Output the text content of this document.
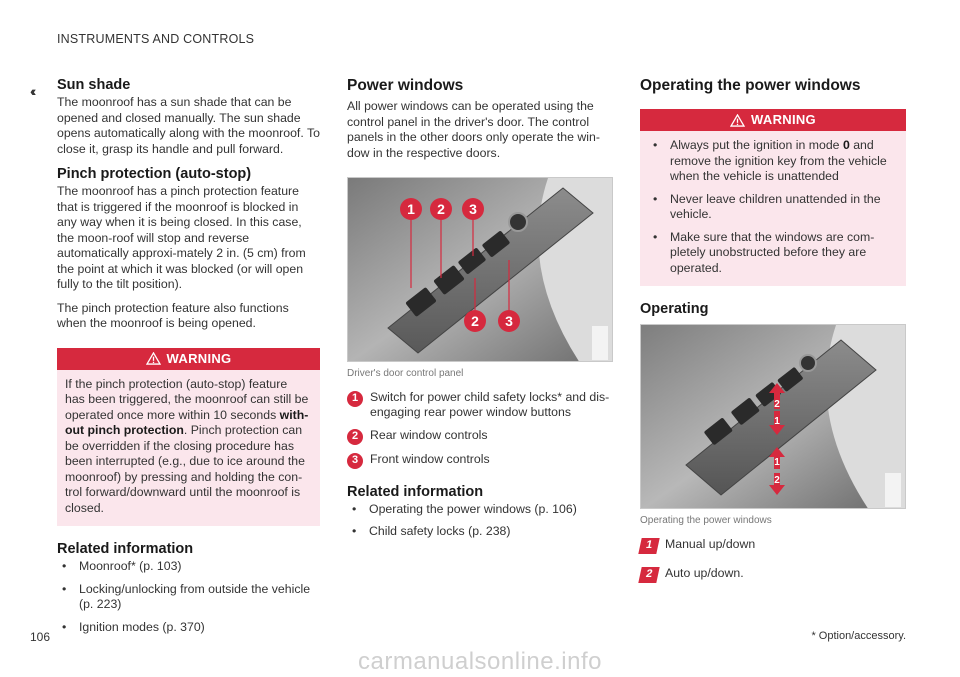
INSTRUMENTS AND CONTROLS
‹‹ Sun shade

The moonroof has a sun shade that can be opened and closed manually. The sun shade opens automatically along with the moonroof. To close it, grasp its handle and pull forward.

Pinch protection (auto-stop)

The moonroof has a pinch protection feature that is triggered if the moonroof is blocked in any way when it is being closed. In this case, the moon-roof will stop and reverse automatically approxi-mately 2 in. (5 cm) from the point at which it was blocked (or will open fully to the tilt position).

The pinch protection feature also functions when the moonroof is being opened.

WARNING

If the pinch protection (auto-stop) feature has been triggered, the moonroof can still be operated once more within 10 seconds with-out pinch protection. Pinch protection can be overridden if the closing procedure has been interrupted (e.g., due to ice around the moonroof) by pressing and holding the con-trol forward/downward until the moonroof is closed.

Related information
• Moonroof* (p. 103)
• Locking/unlocking from outside the vehicle (p. 223)
• Ignition modes (p. 370)
Power windows

All power windows can be operated using the control panel in the driver's door. The control panels in the other doors only operate the win-dow in the respective doors.

1 2 3
2 3
Driver's door control panel
1 Switch for power child safety locks* and dis-engaging rear power window buttons
2 Rear window controls
3 Front window controls
Related information
• Operating the power windows (p. 106)
• Child safety locks (p. 238)
Operating the power windows
WARNING
• Always put the ignition in mode 0 and remove the ignition key from the vehicle when the vehicle is unattended
• Never leave children unattended in the vehicle.
• Make sure that the windows are com-pletely unobstructed before they are operated.
Operating
2
1
1
2
Operating the power windows
1 Manual up/down
2 Auto up/down.
106	* Option/accessory.
carmanualsonline.info
